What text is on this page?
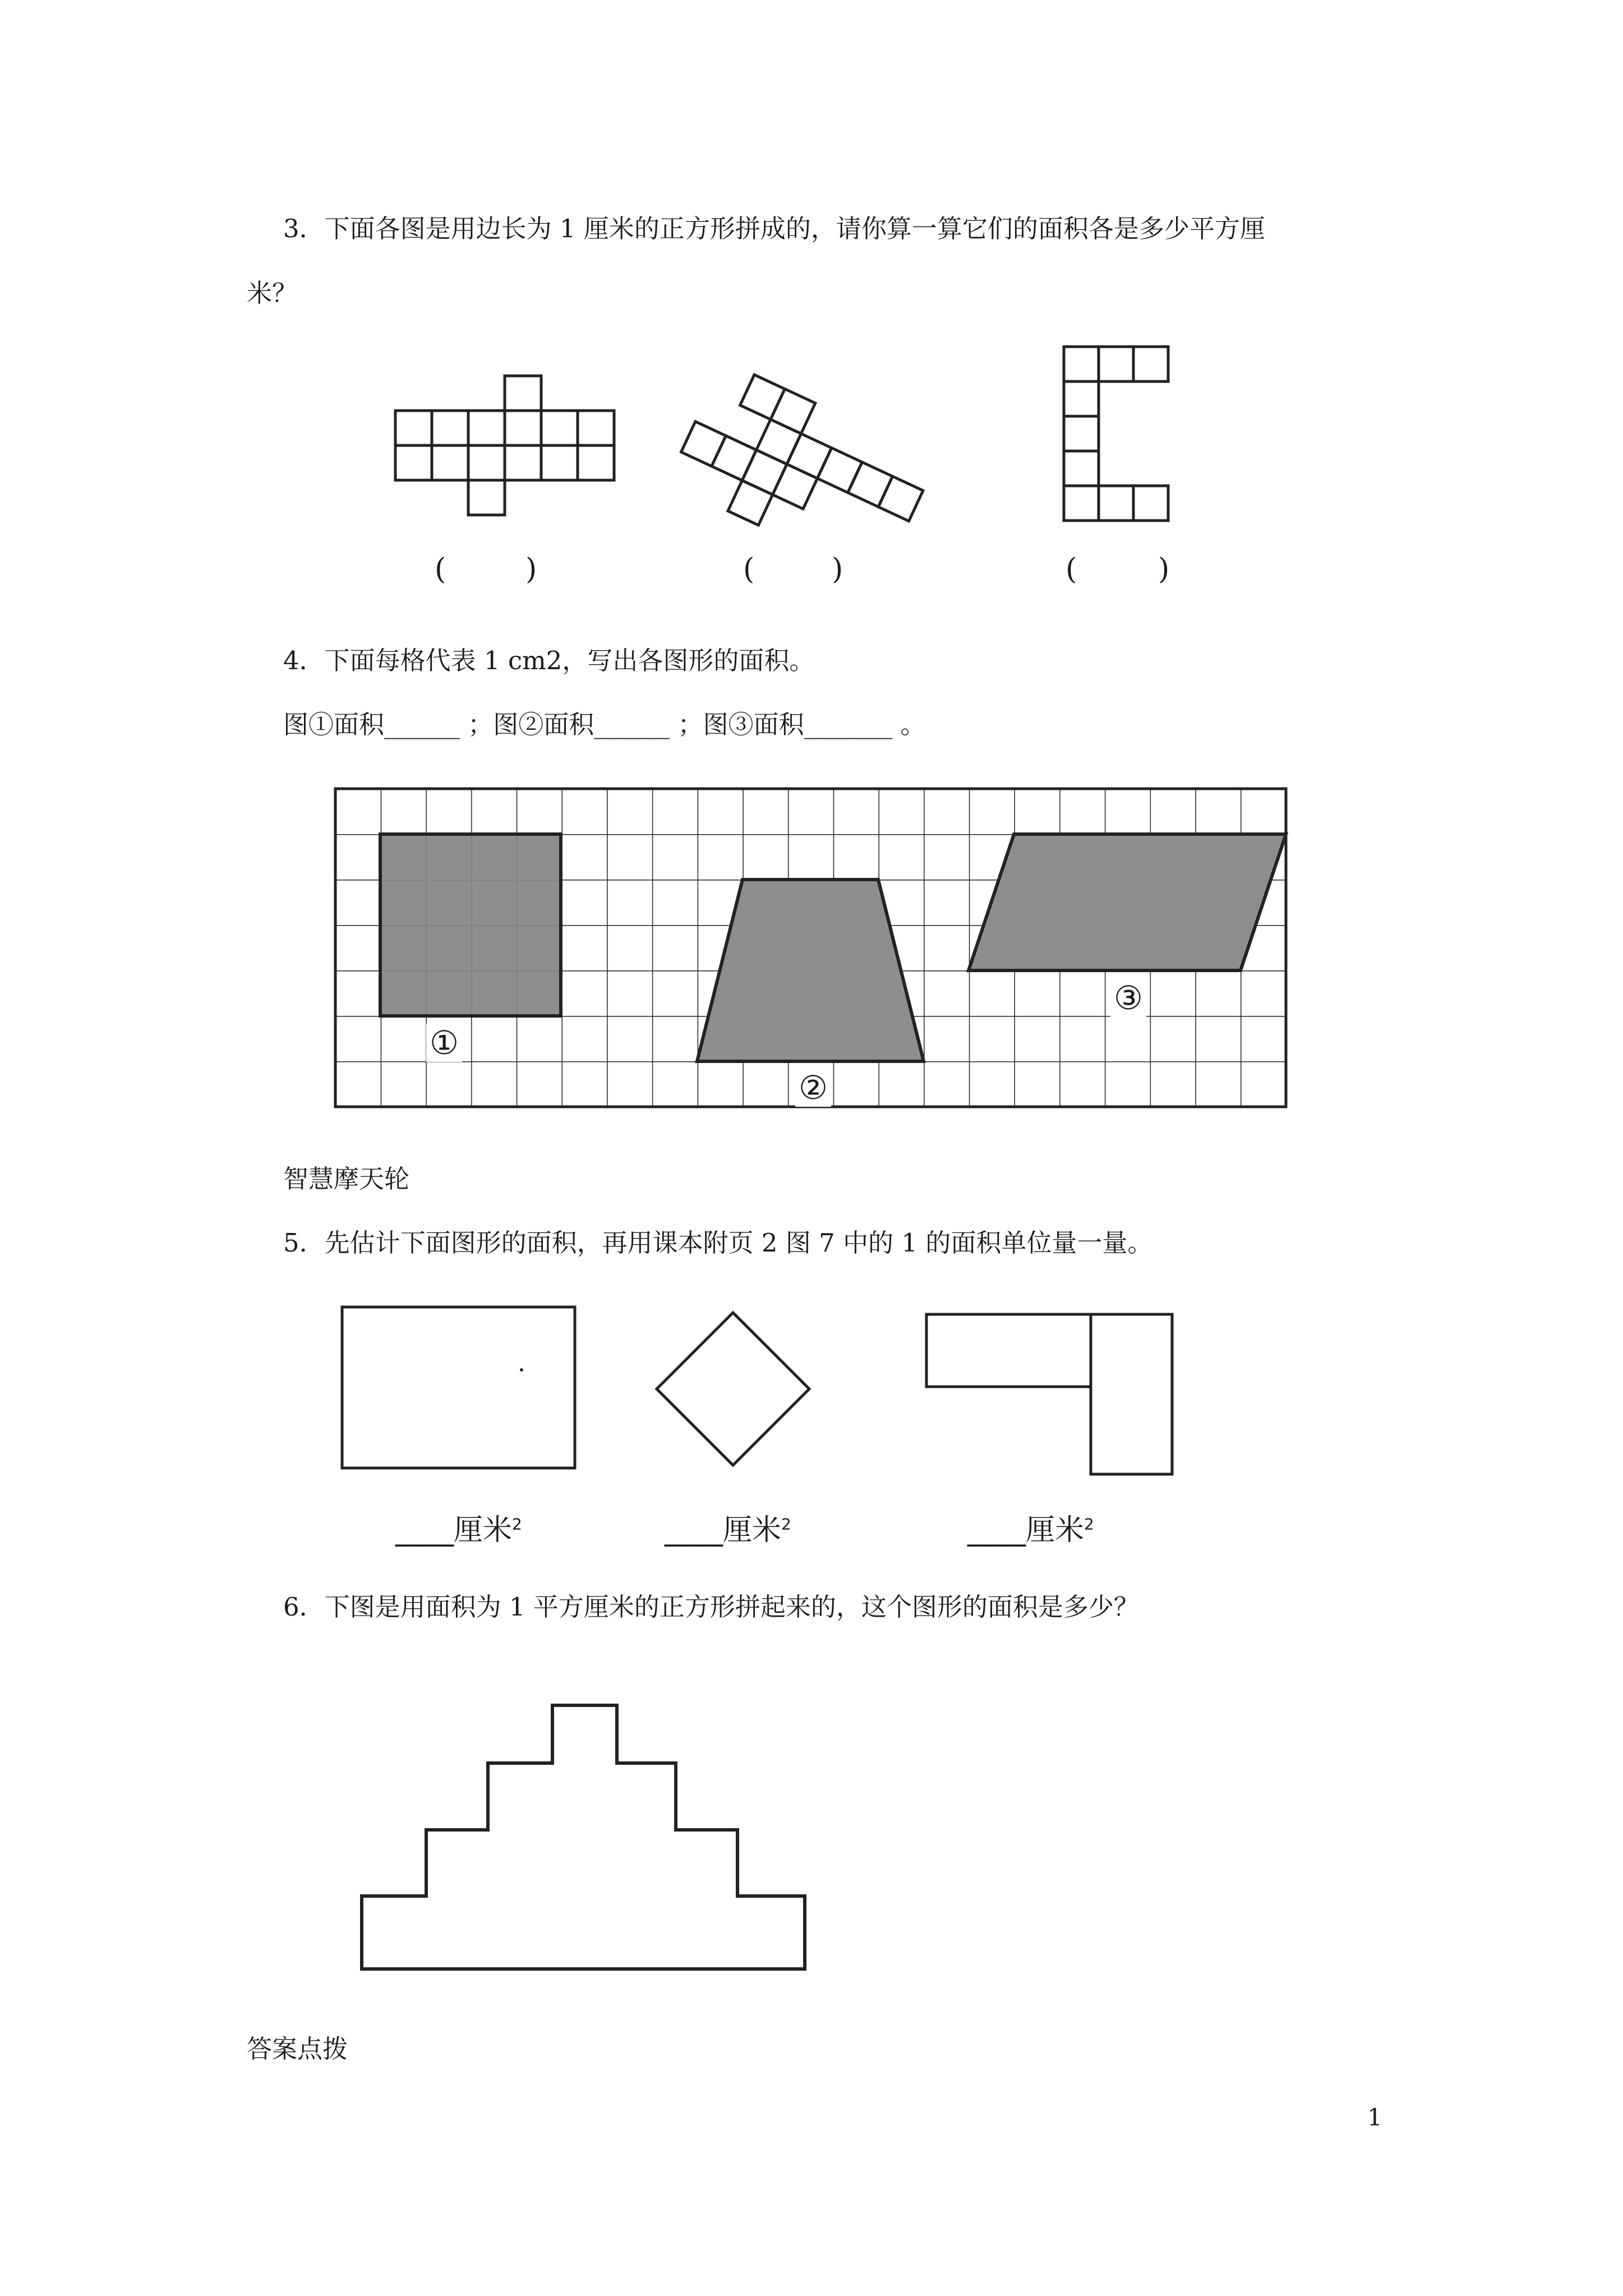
3．下面各图是用边长为 1 厘米的正方形拼成的，请你算一算它们的面积各是多少平方厘
米？
(	)	(	)	(	)
4．下面每格代表 1 cm2，写出各图形的面积。
图①面积______ ；图②面积______ ；图③面积_______ 。
①
②
③
智慧摩天轮
5．先估计下面图形的面积，再用课本附页 2 图 7 中的 1 的面积单位量一量。
____厘米$^2$	____厘米$^2$	____厘米$^2$
6．下图是用面积为 1 平方厘米的正方形拼起来的，这个图形的面积是多少？
答案点拨
1
